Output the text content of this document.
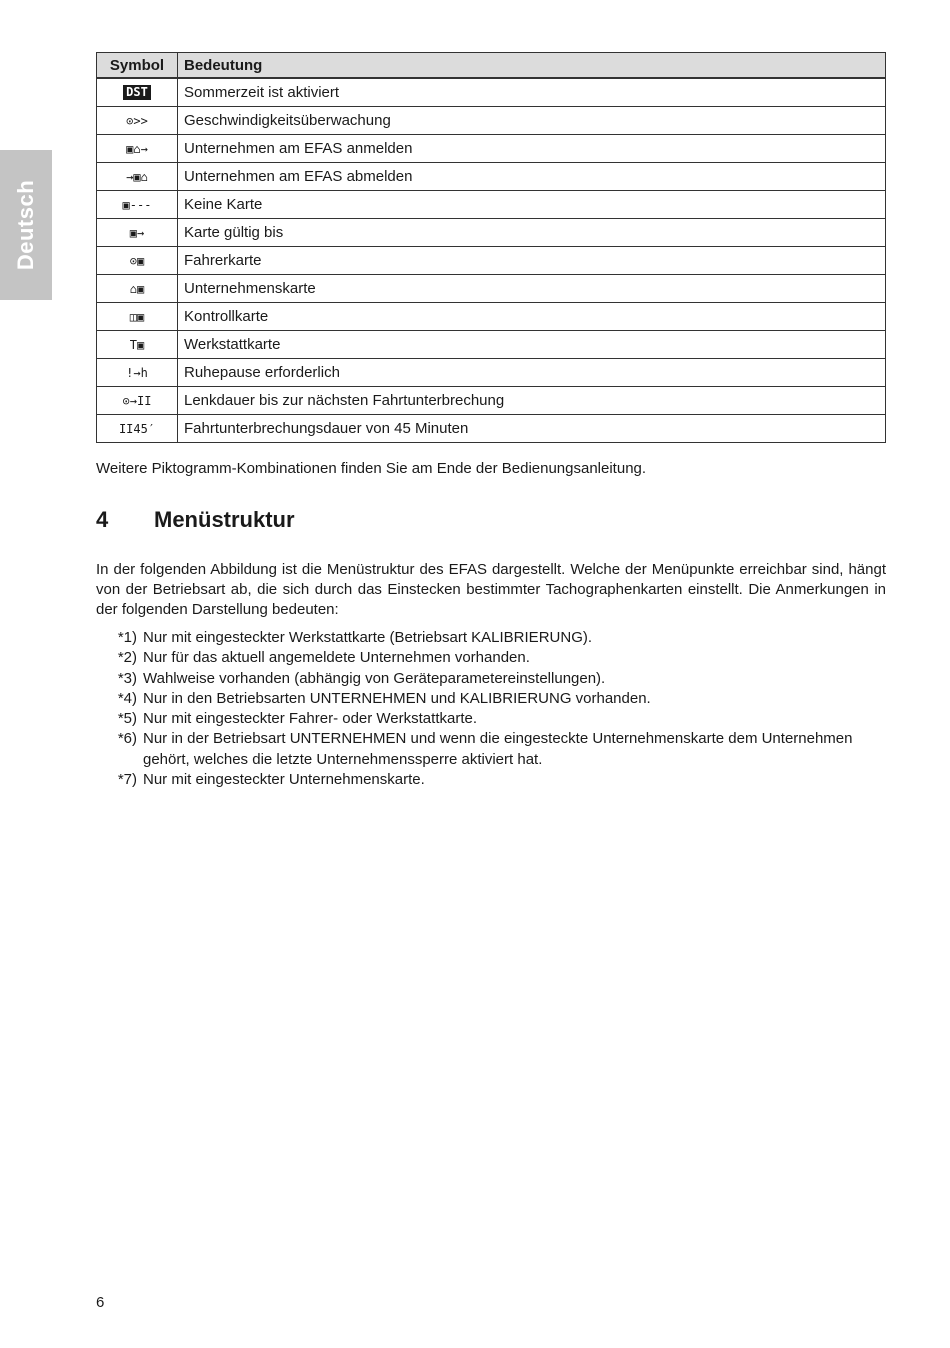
Deutsch
Symbol	Bedeutung
DST	Sommerzeit ist aktiviert
⊙>>	Geschwindigkeitsüberwachung
▣⌂→	Unternehmen am EFAS anmelden
→▣⌂	Unternehmen am EFAS abmelden
▣---	Keine Karte
▣→	Karte gültig bis
⊙▣	Fahrerkarte
⌂▣	Unternehmenskarte
◫▣	Kontrollkarte
T▣	Werkstattkarte
!→h	Ruhepause erforderlich
⊙→II	Lenkdauer bis zur nächsten Fahrtunterbrechung
II45′	Fahrtunterbrechungsdauer von 45 Minuten
Weitere Piktogramm-Kombinationen finden Sie am Ende der Bedienungsanleitung.
4 Menüstruktur

In der folgenden Abbildung ist die Menüstruktur des EFAS dargestellt. Welche der Menüpunkte erreichbar sind, hängt von der Betriebsart ab, die sich durch das Einstecken bestimmter Tachographenkarten einstellt. Die Anmerkungen in der folgenden Darstellung bedeuten:

*1) Nur mit eingesteckter Werkstattkarte (Betriebsart KALIBRIERUNG).
*2) Nur für das aktuell angemeldete Unternehmen vorhanden.
*3) Wahlweise vorhanden (abhängig von Geräteparametereinstellungen).
*4) Nur in den Betriebsarten UNTERNEHMEN und KALIBRIERUNG vorhanden.
*5) Nur mit eingesteckter Fahrer- oder Werkstattkarte.
*6) Nur in der Betriebsart UNTERNEHMEN und wenn die eingesteckte Unternehmenskarte dem Unternehmen gehört, welches die letzte Unternehmenssperre aktiviert hat.
*7) Nur mit eingesteckter Unternehmenskarte.
6
